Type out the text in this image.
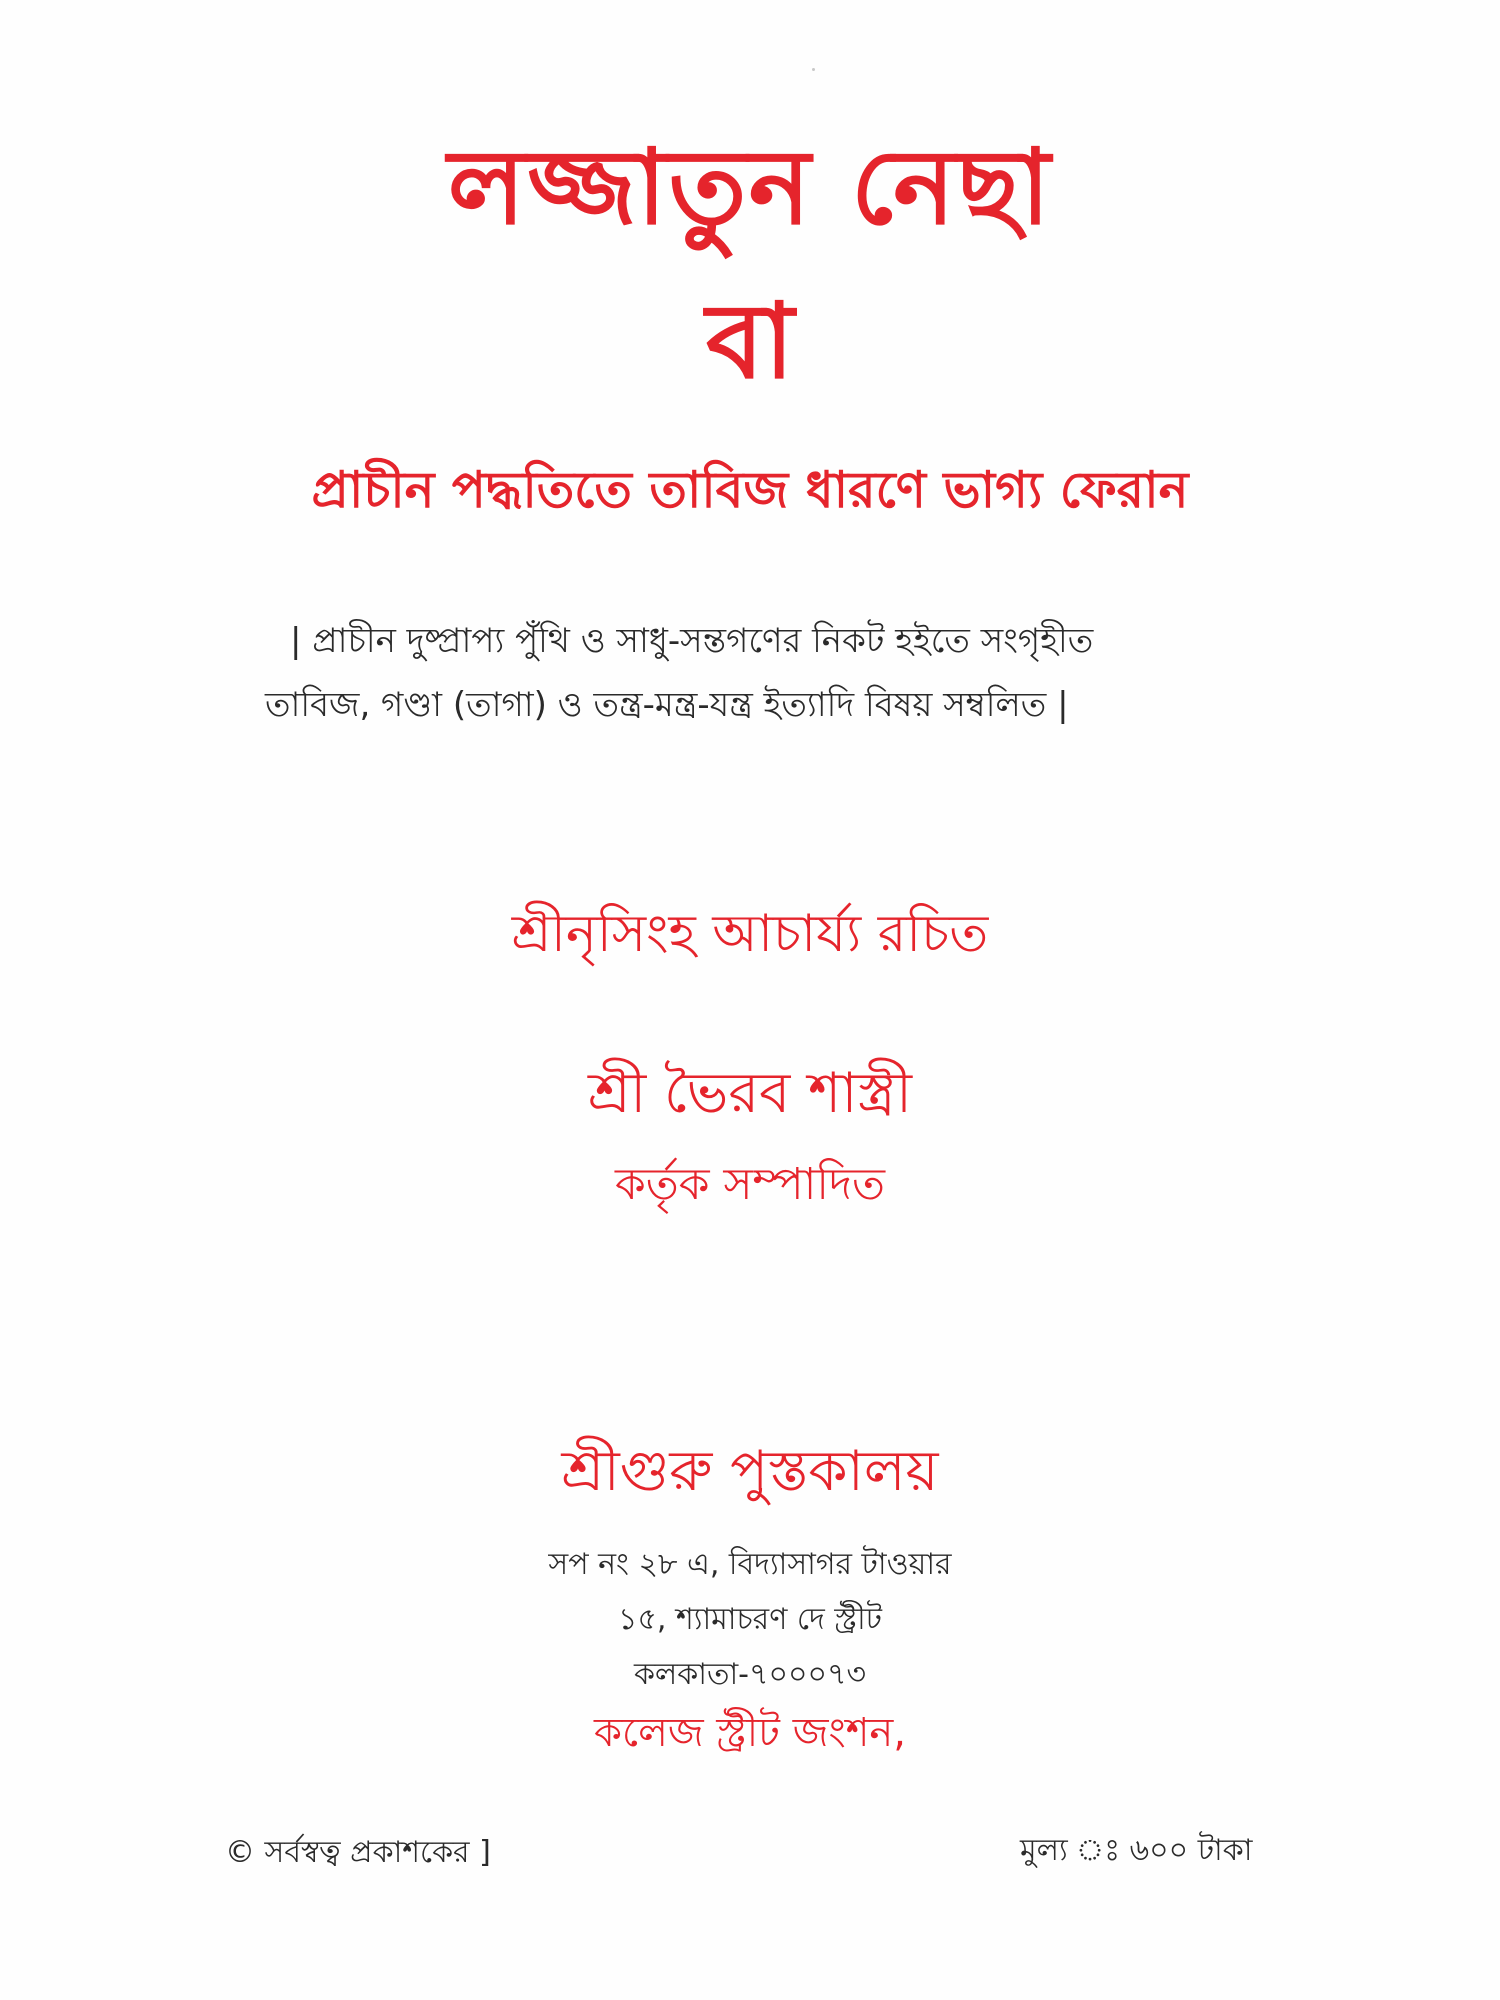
লজ্জাতুন নেছা
বা
প্রাচীন পদ্ধতিতে তাবিজ ধারণে ভাগ্য ফেরান
| প্রাচীন দুষ্প্রাপ্য পুঁথি ও সাধু-সন্তগণের নিকট হইতে সংগৃহীত
তাবিজ, গণ্ডা (তাগা) ও তন্ত্র-মন্ত্র-যন্ত্র ইত্যাদি বিষয় সম্বলিত |
শ্রীনৃসিংহ আচার্য্য রচিত
শ্রী ভৈরব শাস্ত্রী
কর্তৃক সম্পাদিত
শ্রীগুরু পুস্তকালয়
সপ নং ২৮ এ, বিদ্যাসাগর টাওয়ার
১৫, শ্যামাচরণ দে স্ট্রীট
কলকাতা-৭০০০৭৩
কলেজ স্ট্রীট জংশন,
© সর্বস্বত্ব প্রকাশকের ]	মুল্য ঃ ৬০০ টাকা
